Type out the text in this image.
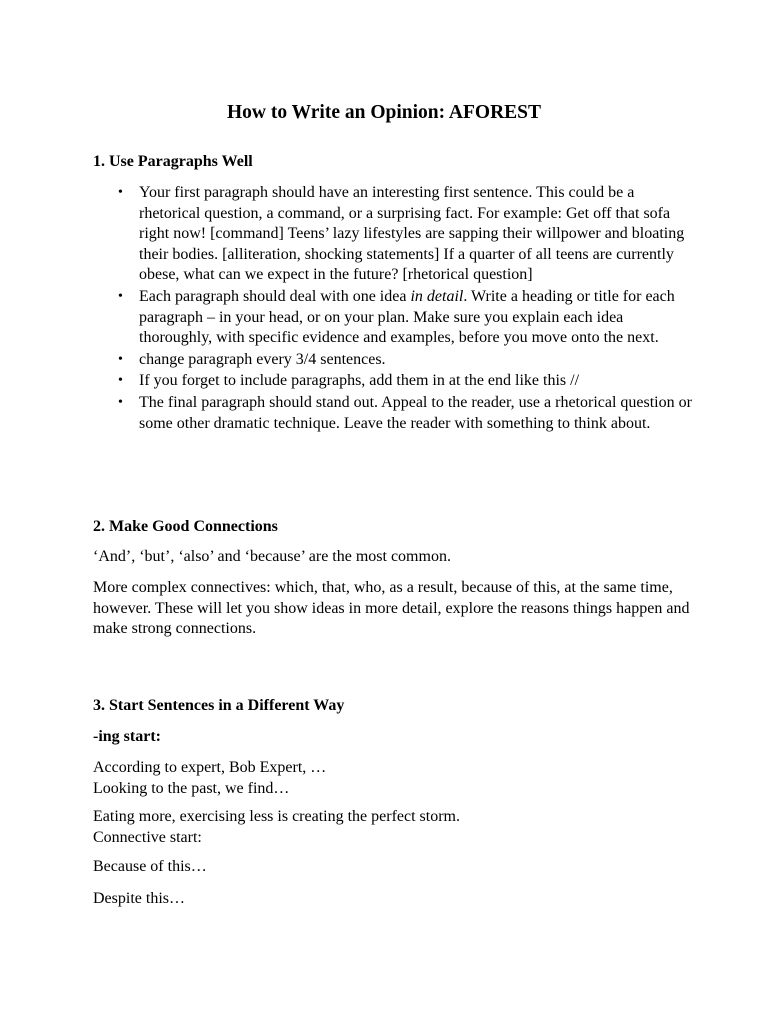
How to Write an Opinion: AFOREST
1. Use Paragraphs Well
• Your first paragraph should have an interesting first sentence. This could be a rhetorical question, a command, or a surprising fact. For example: Get off that sofa right now! [command] Teens’ lazy lifestyles are sapping their willpower and bloating their bodies. [alliteration, shocking statements] If a quarter of all teens are currently obese, what can we expect in the future? [rhetorical question]
• Each paragraph should deal with one idea in detail. Write a heading or title for each paragraph – in your head, or on your plan. Make sure you explain each idea thoroughly, with specific evidence and examples, before you move onto the next.
• change paragraph every 3/4 sentences.
• If you forget to include paragraphs, add them in at the end like this //
• The final paragraph should stand out. Appeal to the reader, use a rhetorical question or some other dramatic technique. Leave the reader with something to think about.
2. Make Good Connections

‘And’, ‘but’, ‘also’ and ‘because’ are the most common.

More complex connectives: which, that, who, as a result, because of this, at the same time, however. These will let you show ideas in more detail, explore the reasons things happen and make strong connections.

3. Start Sentences in a Different Way
-ing start:

According to expert, Bob Expert, …
Looking to the past, we find…

Eating more, exercising less is creating the perfect storm.
Connective start:

Because of this…

Despite this…
